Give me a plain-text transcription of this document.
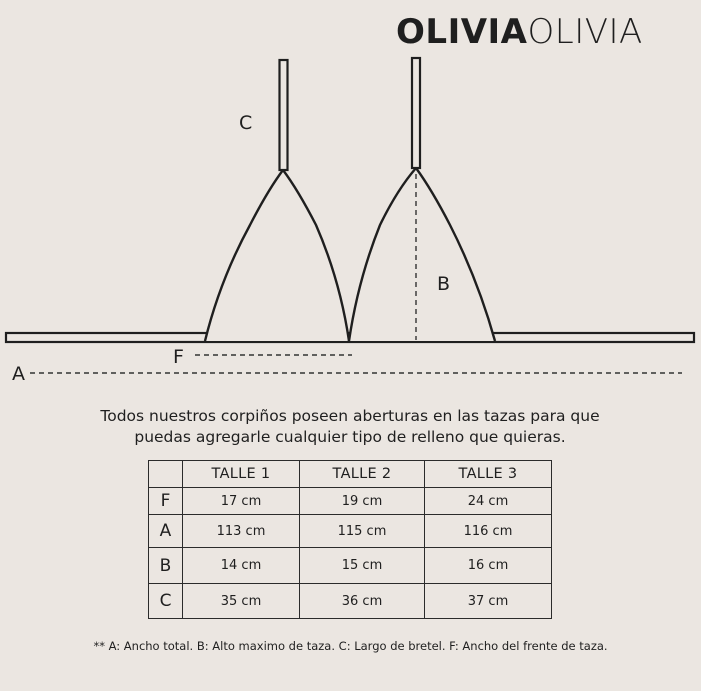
OLIVIAOLIVIA
C
B
F
A
Todos nuestros corpiños poseen aberturas en las tazas para que
puedas agregarle cualquier tipo de relleno que quieras.
	TALLE 1	TALLE 2	TALLE 3
F	17 cm	19 cm	24 cm
A	113 cm	115 cm	116 cm
B	14 cm	15 cm	16 cm
C	35 cm	36 cm	37 cm
** A: Ancho total. B: Alto maximo de taza. C: Largo de bretel. F: Ancho del frente de taza.
